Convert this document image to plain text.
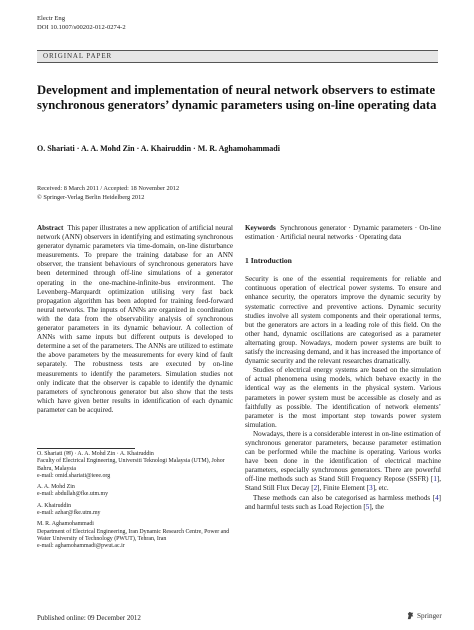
Electr Eng
DOI 10.1007/s00202-012-0274-2
ORIGINAL PAPER
Development and implementation of neural network observers to estimate synchronous generators’ dynamic parameters using on-line operating data
O. Shariati · A. A. Mohd Zin · A. Khairuddin · M. R. Aghamohammadi
Received: 8 March 2011 / Accepted: 18 November 2012
© Springer-Verlag Berlin Heidelberg 2012

Abstract This paper illustrates a new application of artificial neural network (ANN) observers in identifying and estimating synchronous generator dynamic parameters via time-domain, on-line disturbance measurements. To prepare the training database for an ANN observer, the transient behaviours of synchronous generators have been determined through off-line simulations of a generator operating in the one-machine-infinite-bus environment. The Levenberg–Marquardt optimization utilising very fast back propagation algorithm has been adopted for training feed-forward neural networks. The inputs of ANNs are organized in coordination with the data from the observability analysis of synchronous generator parameters in its dynamic behaviour. A collection of ANNs with same inputs but different outputs is developed to determine a set of the parameters. The ANNs are utilized to estimate the above parameters by the measurements for every kind of fault separately. The robustness tests are executed by on-line measurements to identify the parameters. Simulation studies not only indicate that the observer is capable to identify the dynamic parameters of synchronous generator but also show that the tests which have given better results in identification of each dynamic parameter can be acquired.

O. Shariati (✉) · A. A. Mohd Zin · A. Khairuddin

Faculty of Electrical Engineering, Universiti Teknologi Malaysia (UTM), Johor Bahru, Malaysia

e-mail: omid.shariati@ieee.org

A. A. Mohd Zin

e-mail: abdullah@fke.utm.my

A. Khairuddin

e-mail: azhar@fke.utm.my

M. R. Aghamohammadi

Department of Electrical Engineering, Iran Dynamic Research Centre, Power and Water University of Technology (PWUT), Tehran, Iran

e-mail: aghamohammadi@pwut.ac.ir

Keywords Synchronous generator · Dynamic parameters · On-line estimation · Artificial neural networks · Operating data

1 Introduction

Security is one of the essential requirements for reliable and continuous operation of electrical power systems. To ensure and enhance security, the operators improve the dynamic security by systematic corrective and preventive actions. Dynamic security studies involve all system components and their operational terms, but the generators are actors in a leading role of this field. On the other hand, dynamic oscillations are categorised as a parameter alternating group. Nowadays, modern power systems are built to satisfy the increasing demand, and it has increased the importance of dynamic security and the relevant researches dramatically.

Studies of electrical energy systems are based on the simulation of actual phenomena using models, which behave exactly in the identical way as the elements in the physical system. Various parameters in power system must be accessible as closely and as faithfully as possible. The identification of network elements’ parameter is the most important step towards power system simulation.

Nowadays, there is a considerable interest in on-line estimation of synchronous generator parameters, because parameter estimation can be performed while the machine is operating. Various works have been done in the identification of electrical machine parameters, especially synchronous generators. There are powerful off-line methods such as Stand Still Frequency Repose (SSFR) [1], Stand Still Flux Decay [2], Finite Element [3], etc.

These methods can also be categorised as harmless methods [4] and harmful tests such as Load Rejection [5], the

Published online: 09 December 2012	Springer
